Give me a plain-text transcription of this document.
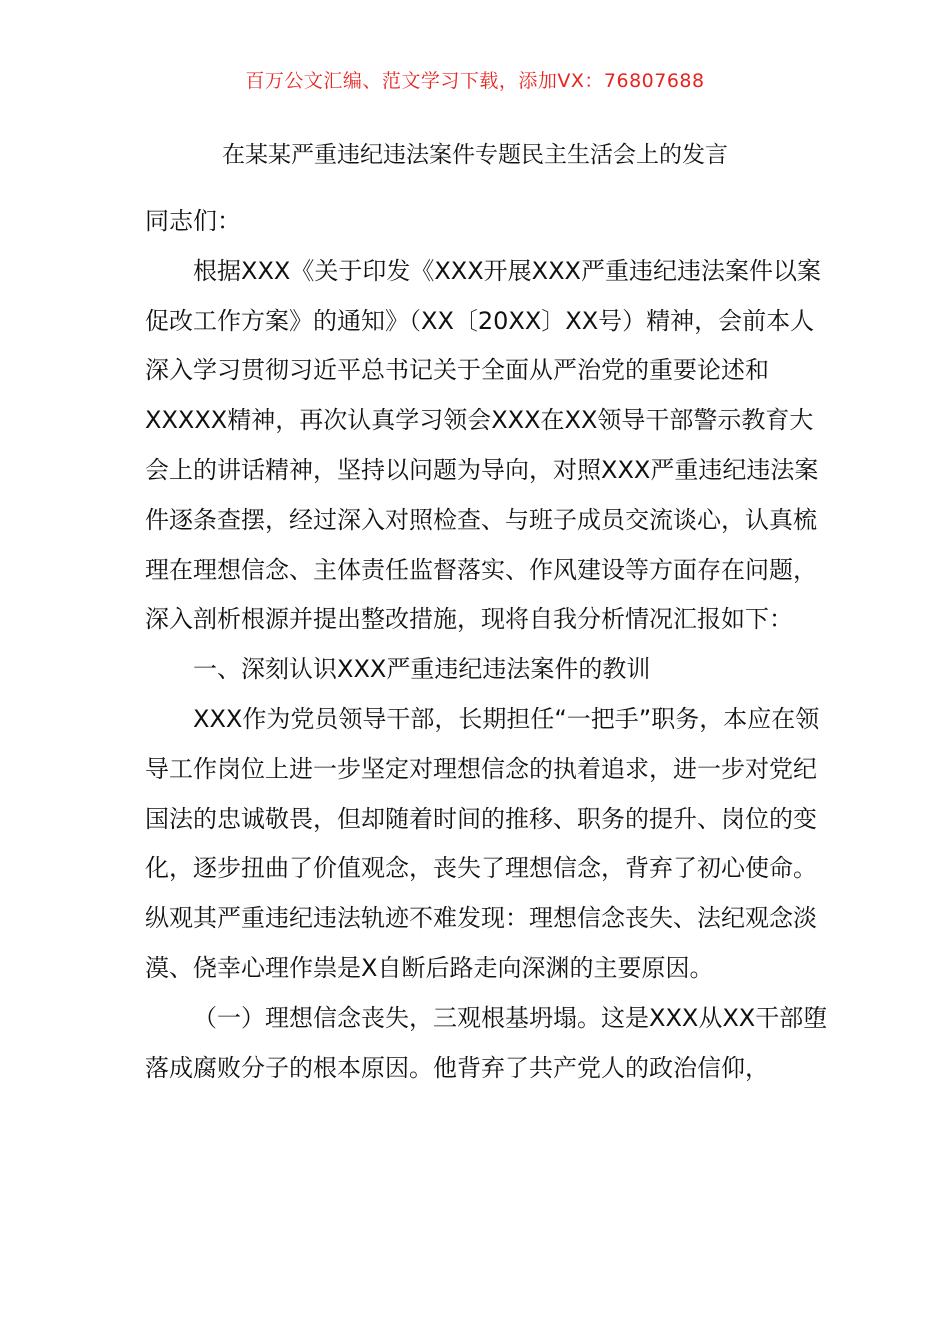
百万公文汇编、范文学习下载，添加VX：76807688
在某某严重违纪违法案件专题民主生活会上的发言

同志们：

根据XXX《关于印发《XXX开展XXX严重违纪违法案件以案促改工作方案》的通知》（XX〔20XX〕XX号）精神，会前本人深入学习贯彻习近平总书记关于全面从严治党的重要论述和XXXXX精神，再次认真学习领会XXX在XX领导干部警示教育大会上的讲话精神，坚持以问题为导向，对照XXX严重违纪违法案件逐条查摆，经过深入对照检查、与班子成员交流谈心，认真梳理在理想信念、主体责任监督落实、作风建设等方面存在问题，深入剖析根源并提出整改措施，现将自我分析情况汇报如下：

一、深刻认识XXX严重违纪违法案件的教训

XXX作为党员领导干部，长期担任“一把手”职务，本应在领导工作岗位上进一步坚定对理想信念的执着追求，进一步对党纪国法的忠诚敬畏，但却随着时间的推移、职务的提升、岗位的变化，逐步扭曲了价值观念，丧失了理想信念，背弃了初心使命。纵观其严重违纪违法轨迹不难发现：理想信念丧失、法纪观念淡漠、侥幸心理作祟是X自断后路走向深渊的主要原因。

（一）理想信念丧失，三观根基坍塌。这是XXX从XX干部堕落成腐败分子的根本原因。他背弃了共产党人的政治信仰，
